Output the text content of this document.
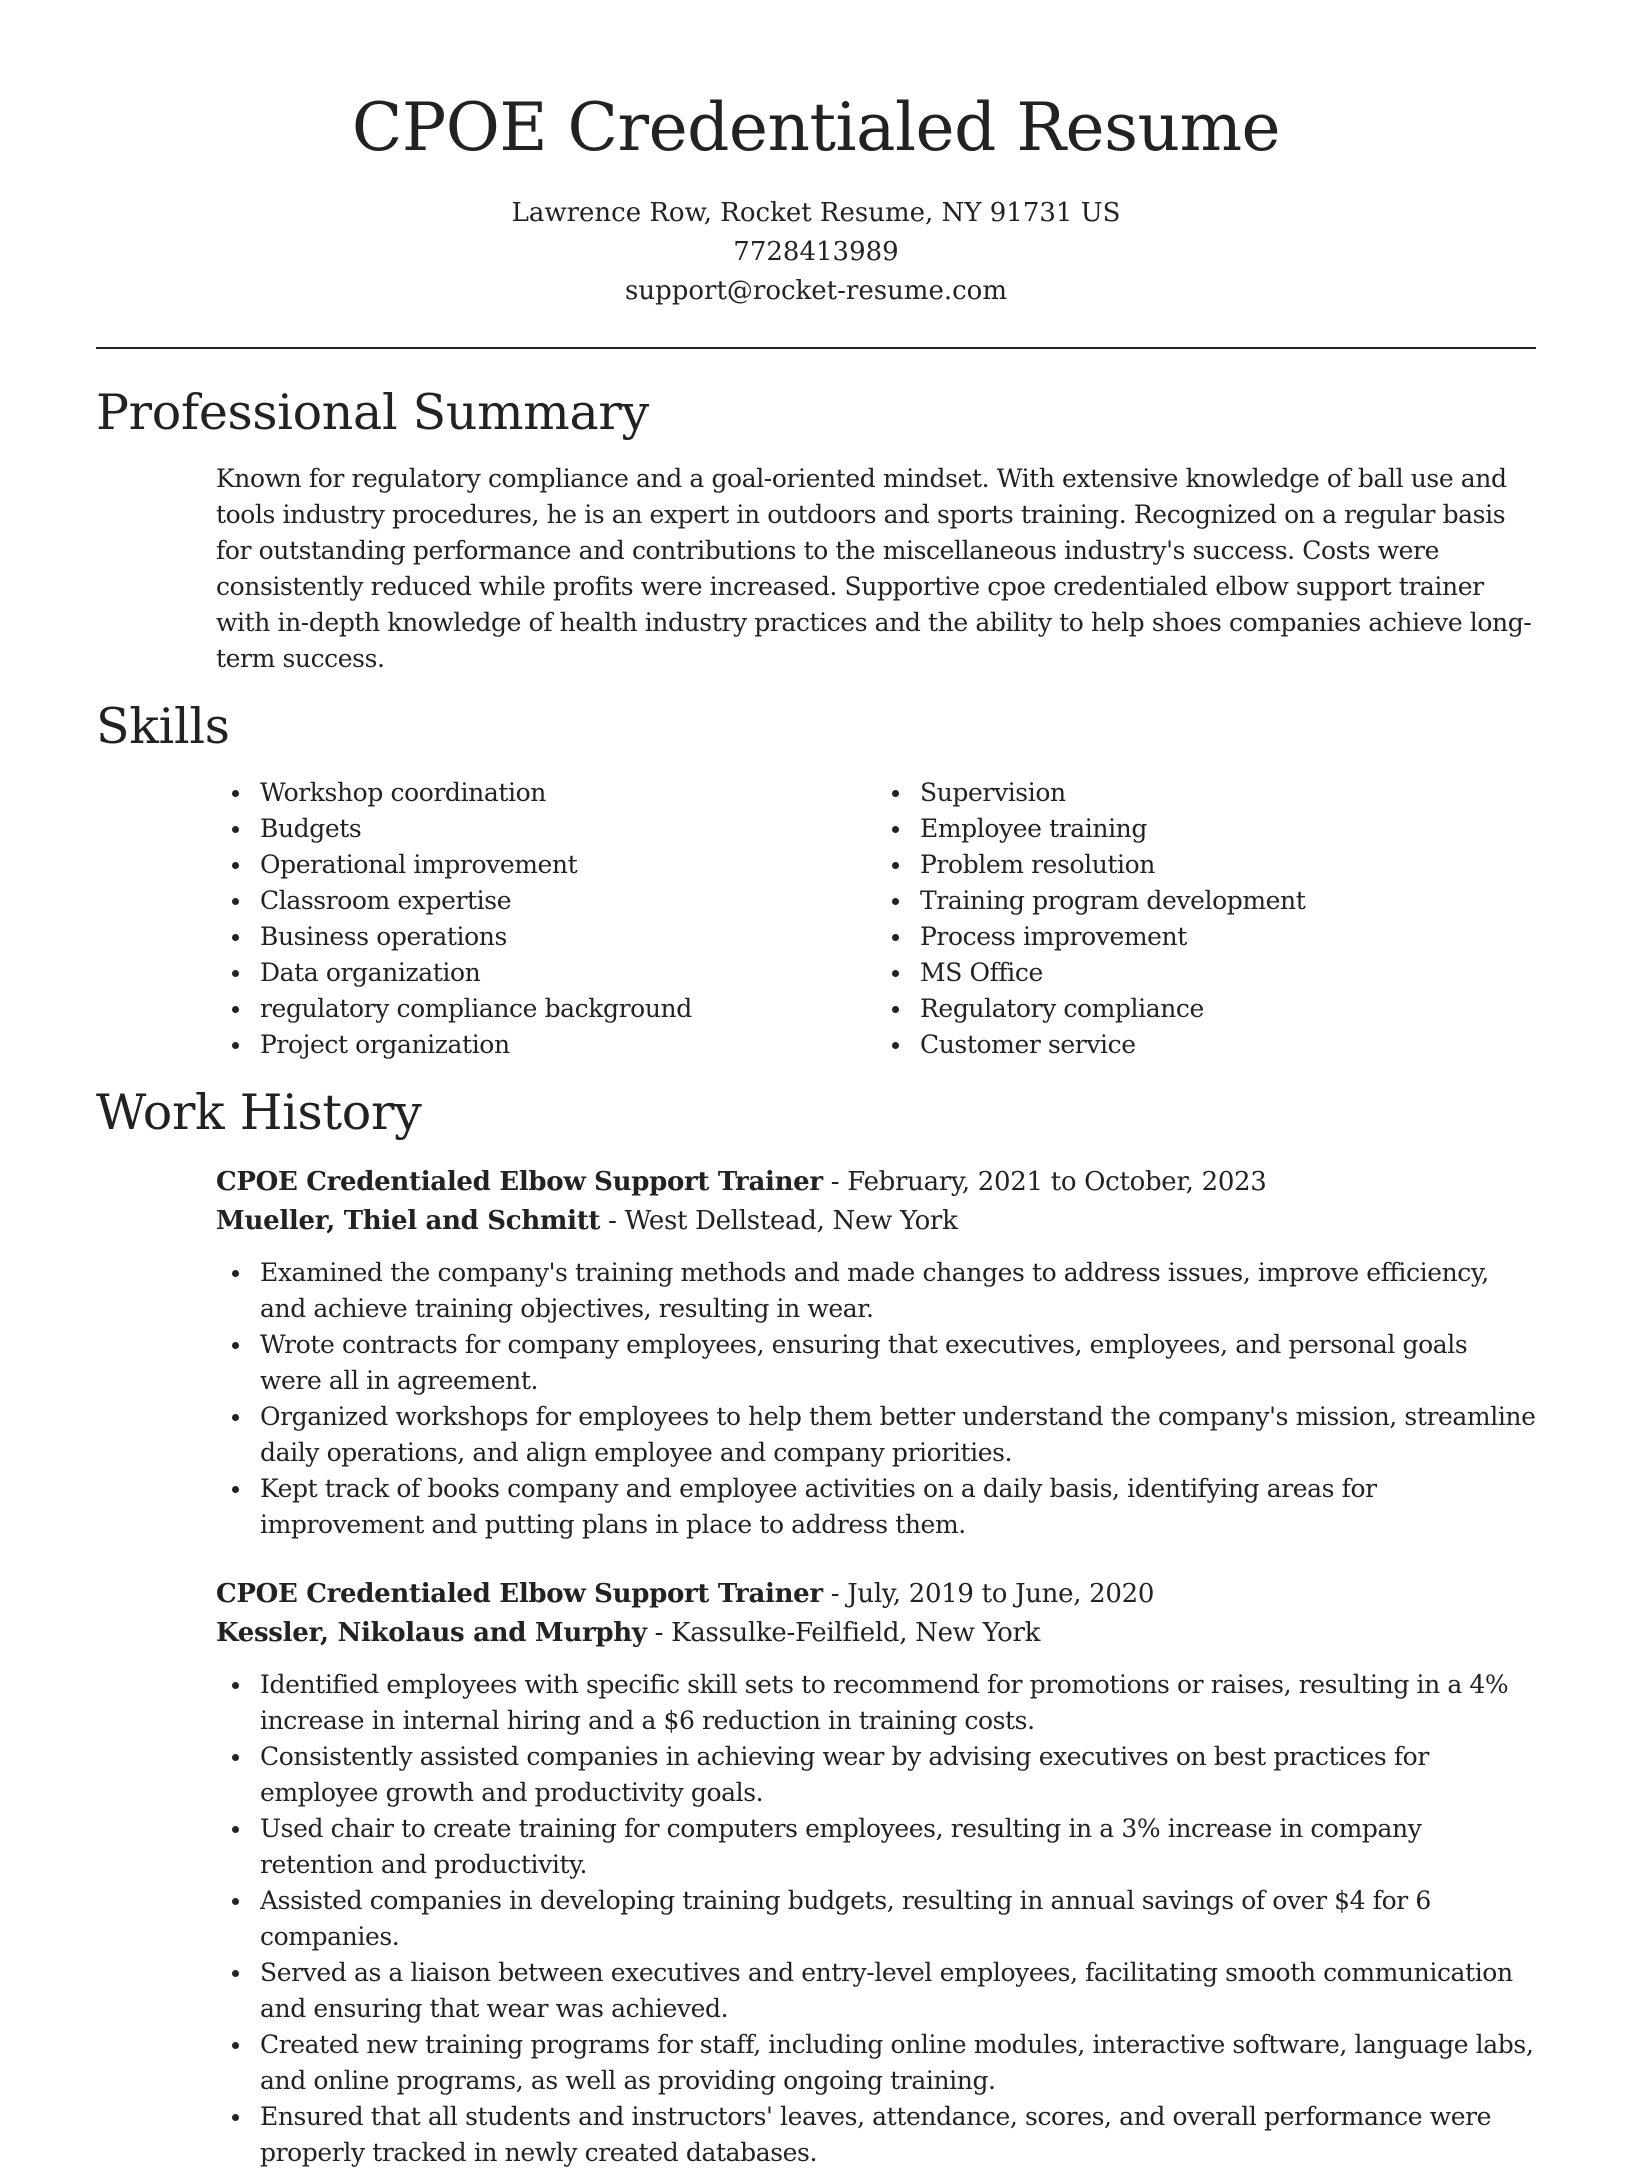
CPOE Credentialed Resume

Lawrence Row, Rocket Resume, NY 91731 US

7728413989

support@rocket-resume.com

Professional Summary

Known for regulatory compliance and a goal-oriented mindset. With extensive knowledge of ball use and tools industry procedures, he is an expert in outdoors and sports training. Recognized on a regular basis for outstanding performance and contributions to the miscellaneous industry's success. Costs were consistently reduced while profits were increased. Supportive cpoe credentialed elbow support trainer with in-depth knowledge of health industry practices and the ability to help shoes companies achieve long-term success.

Skills
Workshop coordination
Budgets
Operational improvement
Classroom expertise
Business operations
Data organization
regulatory compliance background
Project organization
Supervision
Employee training
Problem resolution
Training program development
Process improvement
MS Office
Regulatory compliance
Customer service
Work History

CPOE Credentialed Elbow Support Trainer - February, 2021 to October, 2023

Mueller, Thiel and Schmitt - West Dellstead, New York

Examined the company's training methods and made changes to address issues, improve efficiency, and achieve training objectives, resulting in wear.
Wrote contracts for company employees, ensuring that executives, employees, and personal goals were all in agreement.
Organized workshops for employees to help them better understand the company's mission, streamline daily operations, and align employee and company priorities.
Kept track of books company and employee activities on a daily basis, identifying areas for improvement and putting plans in place to address them.

CPOE Credentialed Elbow Support Trainer - July, 2019 to June, 2020

Kessler, Nikolaus and Murphy - Kassulke-Feilfield, New York

Identified employees with specific skill sets to recommend for promotions or raises, resulting in a 4% increase in internal hiring and a $6 reduction in training costs.
Consistently assisted companies in achieving wear by advising executives on best practices for employee growth and productivity goals.
Used chair to create training for computers employees, resulting in a 3% increase in company retention and productivity.
Assisted companies in developing training budgets, resulting in annual savings of over $4 for 6 companies.
Served as a liaison between executives and entry-level employees, facilitating smooth communication and ensuring that wear was achieved.
Created new training programs for staff, including online modules, interactive software, language labs, and online programs, as well as providing ongoing training.
Ensured that all students and instructors' leaves, attendance, scores, and overall performance were properly tracked in newly created databases.
